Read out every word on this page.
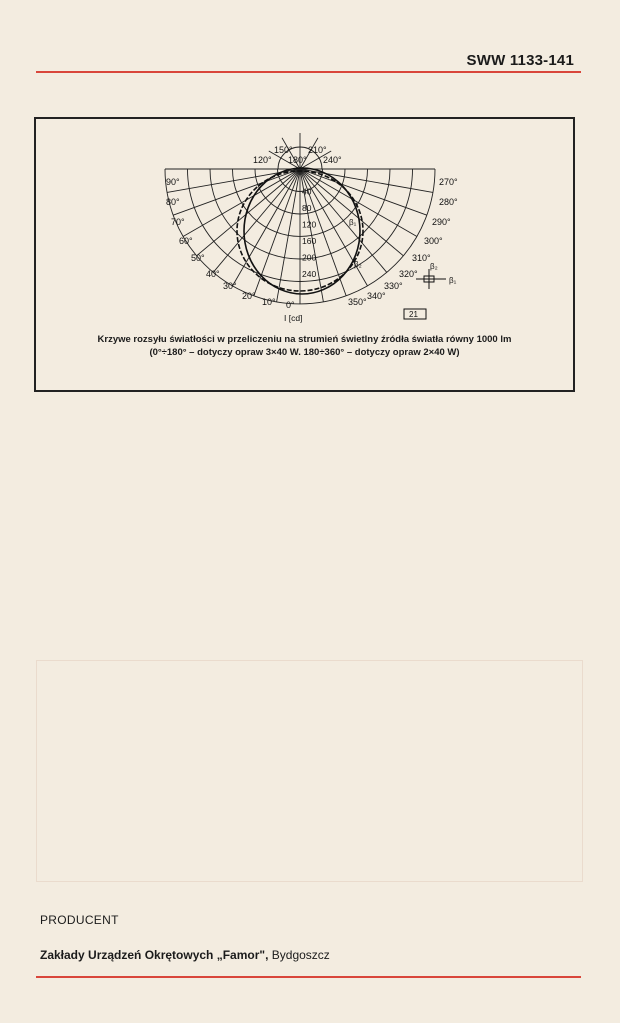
SWW 1133-141
90°
80°
70°
60°
50°
40°
30°
20°
10° 0°
150° 210°
120° 180° 240°
270°
280°
290°
300°
310°
320°
330°
340°
350°
40
80
120
160
200
240
I [cd]
β₁
β₂	β₂
β₁
21
Krzywe rozsyłu światłości w przeliczeniu na strumień świetlny źródła światła równy 1000 lm
(0°÷180° – dotyczy opraw 3×40 W. 180÷360° – dotyczy opraw 2×40 W)
PRODUCENT
Zakłady Urządzeń Okrętowych „Famor", Bydgoszcz
